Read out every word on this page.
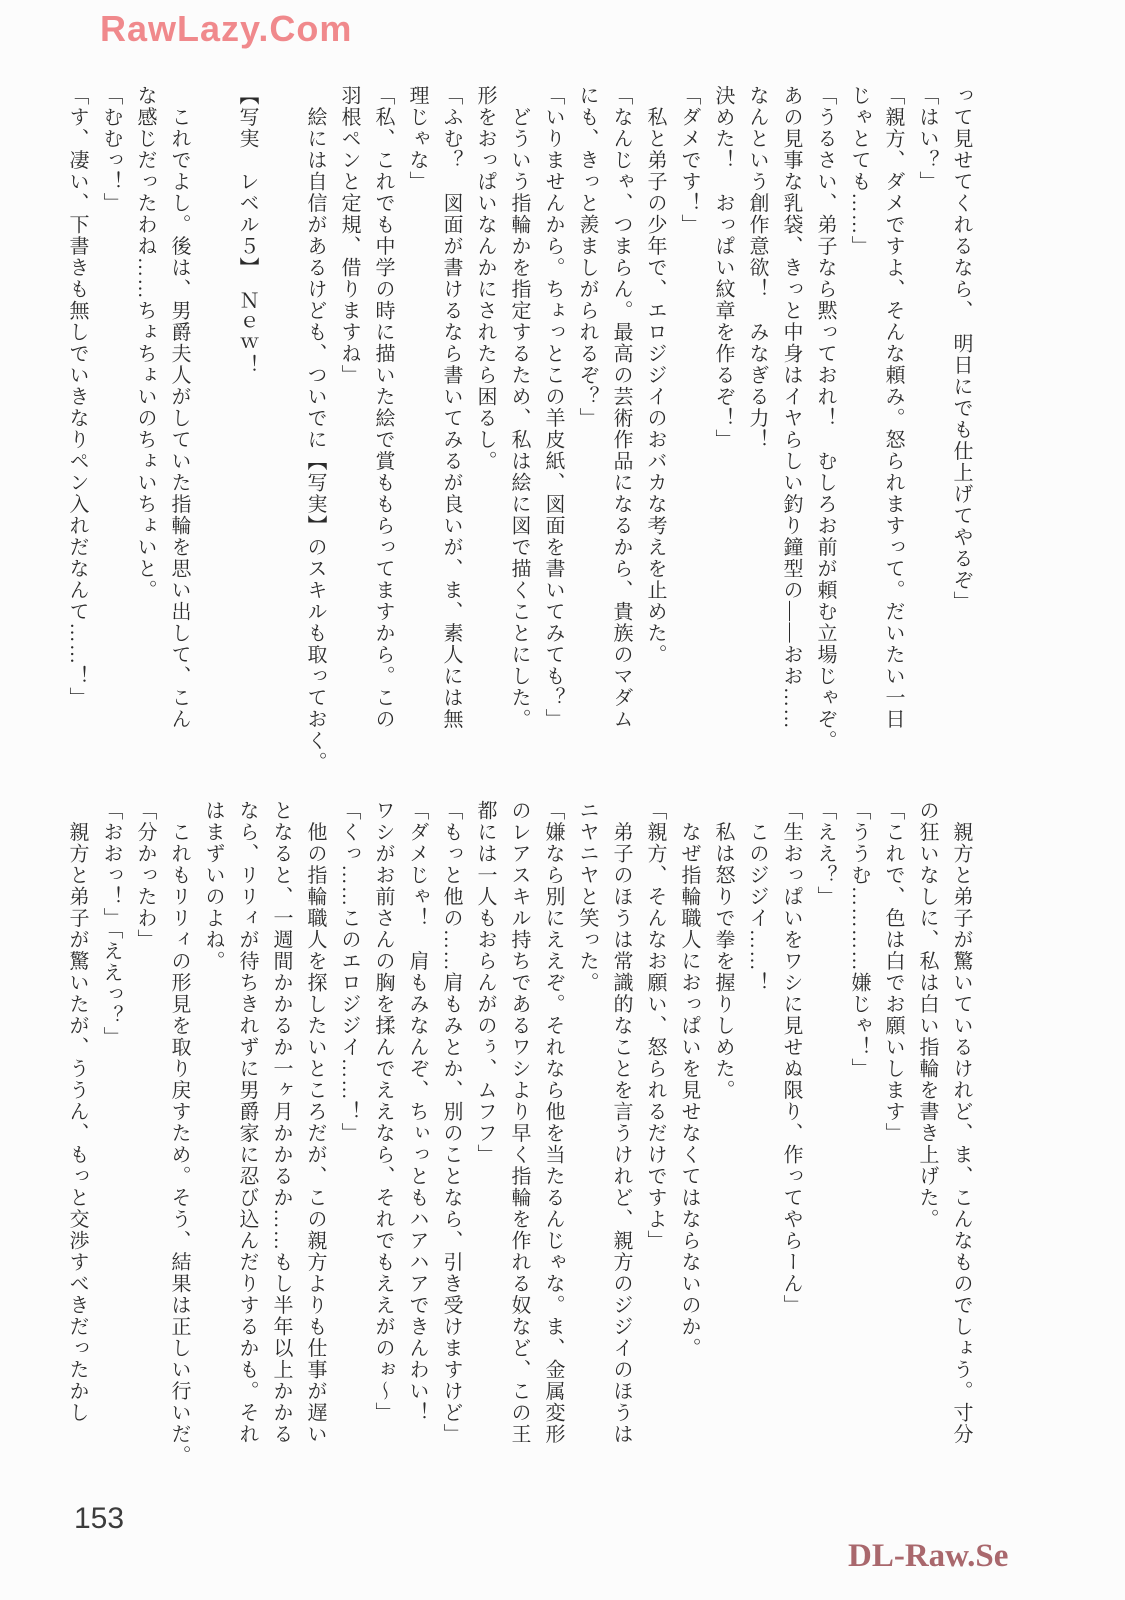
RawLazy.Com

って見せてくれるなら、　明日にでも仕上げてやるぞ」

「はい？」

「親方、ダメですよ、そんな頼み。怒られますって。だいたい一日

じゃとても……」

「うるさい、弟子なら黙っておれ！　むしろお前が頼む立場じゃぞ。

あの見事な乳袋、きっと中身はイヤらしい釣り鐘型の――おお……

なんという創作意欲！　みなぎる力！

決めた！　おっぱい紋章を作るぞ！」

「ダメです！」

　私と弟子の少年で、エロジジイのおバカな考えを止めた。

「なんじゃ、つまらん。最高の芸術作品になるから、貴族のマダム

にも、きっと羨ましがられるぞ？」

「いりませんから。ちょっとこの羊皮紙、図面を書いてみても？」

　どういう指輪かを指定するため、私は絵に図で描くことにした。

形をおっぱいなんかにされたら困るし。

「ふむ？　図面が書けるなら書いてみるが良いが、ま、素人には無

理じゃな」

「私、これでも中学の時に描いた絵で賞ももらってますから。この

羽根ペンと定規、借りますね」

　絵には自信があるけども、ついでに【写実】のスキルも取っておく。

【写実　レベル５】　Ｎｅｗ！

　これでよし。後は、男爵夫人がしていた指輪を思い出して、こん

な感じだったわね……ちょちょいのちょいちょいと。

「むむっ！」

「す、凄い、下書きも無しでいきなりペン入れだなんて……！」

　親方と弟子が驚いているけれど、ま、こんなものでしょう。寸分

の狂いなしに、私は白い指輪を書き上げた。

「これで、色は白でお願いします」

「ううむ…………嫌じゃ！」

「ええ？」

「生おっぱいをワシに見せぬ限り、作ってやらーん」

　このジジイ……！

　私は怒りで拳を握りしめた。

　なぜ指輪職人におっぱいを見せなくてはならないのか。

「親方、そんなお願い、怒られるだけですよ」

　弟子のほうは常識的なことを言うけれど、親方のジジイのほうは

ニヤニヤと笑った。

「嫌なら別にええぞ。それなら他を当たるんじゃな。ま、金属変形

のレアスキル持ちであるワシより早く指輪を作れる奴など、この王

都には一人もおらんがのぅ、ムフフ」

「もっと他の……肩もみとか、別のことなら、引き受けますけど」

「ダメじゃ！　肩もみなんぞ、ちぃっともハアハアできんわい！

ワシがお前さんの胸を揉んでええなら、それでもええがのぉ～」

「くっ……このエロジジイ……！」

　他の指輪職人を探したいところだが、この親方よりも仕事が遅い

となると、一週間かかるか一ヶ月かかるか……もし半年以上かかる

なら、リリィが待ちきれずに男爵家に忍び込んだりするかも。それ

はまずいのよね。

　これもリリィの形見を取り戻すため。そう、結果は正しい行いだ。

「分かったわ」

「おおっ！」「ええっ？」

　親方と弟子が驚いたが、ううん、もっと交渉すべきだったかし

153
DL-Raw.Se
